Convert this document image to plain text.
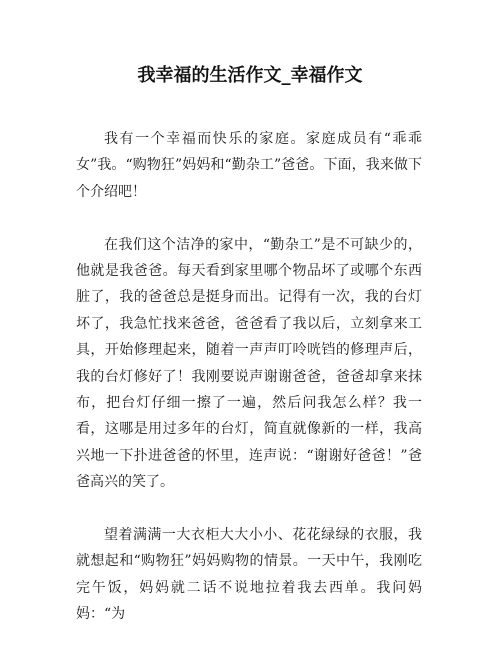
我幸福的生活作文_幸福作文

我有一个幸福而快乐的家庭。家庭成员有“乖乖女”我。“购物狂”妈妈和“勤杂工”爸爸。下面，我来做下个介绍吧！

在我们这个洁净的家中，“勤杂工”是不可缺少的，他就是我爸爸。每天看到家里哪个物品坏了或哪个东西脏了，我的爸爸总是挺身而出。记得有一次，我的台灯坏了，我急忙找来爸爸，爸爸看了我以后，立刻拿来工具，开始修理起来，随着一声声叮呤咣铛的修理声后，我的台灯修好了！我刚要说声谢谢爸爸，爸爸却拿来抹布，把台灯仔细一擦了一遍，然后问我怎么样？我一看，这哪是用过多年的台灯，简直就像新的一样，我高兴地一下扑进爸爸的怀里，连声说：“谢谢好爸爸！”爸爸高兴的笑了。

望着满满一大衣柜大大小小、花花绿绿的衣服，我就想起和“购物狂”妈妈购物的情景。一天中午，我刚吃完午饭，妈妈就二话不说地拉着我去西单。我问妈妈：“为
